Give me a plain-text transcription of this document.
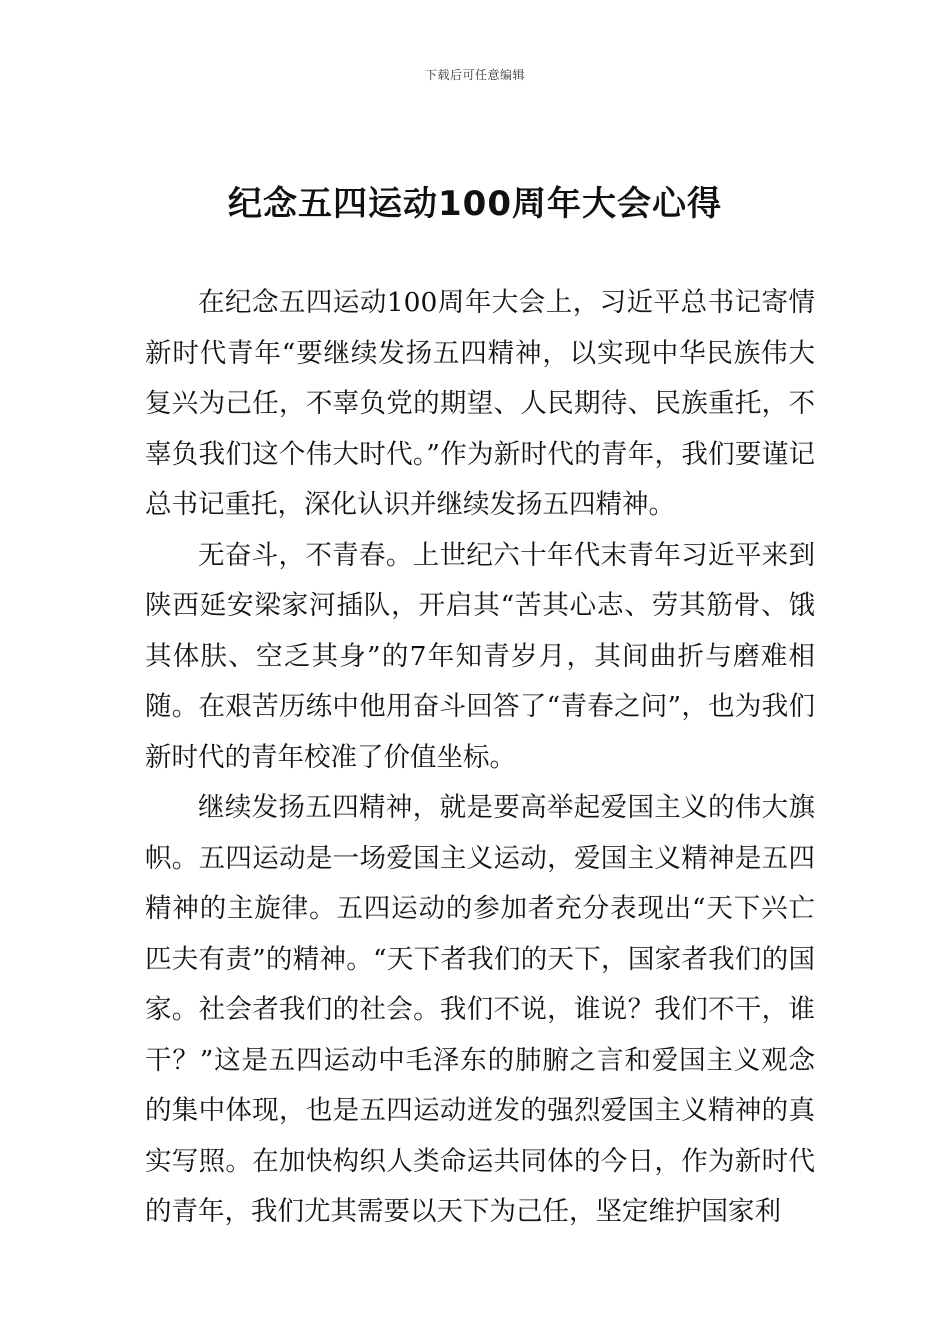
下载后可任意编辑
纪念五四运动100周年大会心得

在纪念五四运动100周年大会上，习近平总书记寄情新时代青年“要继续发扬五四精神，以实现中华民族伟大复兴为己任，不辜负党的期望、人民期待、民族重托，不辜负我们这个伟大时代。”作为新时代的青年，我们要谨记总书记重托，深化认识并继续发扬五四精神。

无奋斗，不青春。上世纪六十年代末青年习近平来到陕西延安梁家河插队，开启其“苦其心志、劳其筋骨、饿其体肤、空乏其身”的7年知青岁月，其间曲折与磨难相随。在艰苦历练中他用奋斗回答了“青春之问”，也为我们新时代的青年校准了价值坐标。

继续发扬五四精神，就是要高举起爱国主义的伟大旗帜。五四运动是一场爱国主义运动，爱国主义精神是五四精神的主旋律。五四运动的参加者充分表现出“天下兴亡匹夫有责”的精神。“天下者我们的天下，国家者我们的国家。社会者我们的社会。我们不说，谁说？我们不干，谁干？”这是五四运动中毛泽东的肺腑之言和爱国主义观念的集中体现，也是五四运动迸发的强烈爱国主义精神的真实写照。在加快构织人类命运共同体的今日，作为新时代的青年，我们尤其需要以天下为己任，坚定维护国家利
